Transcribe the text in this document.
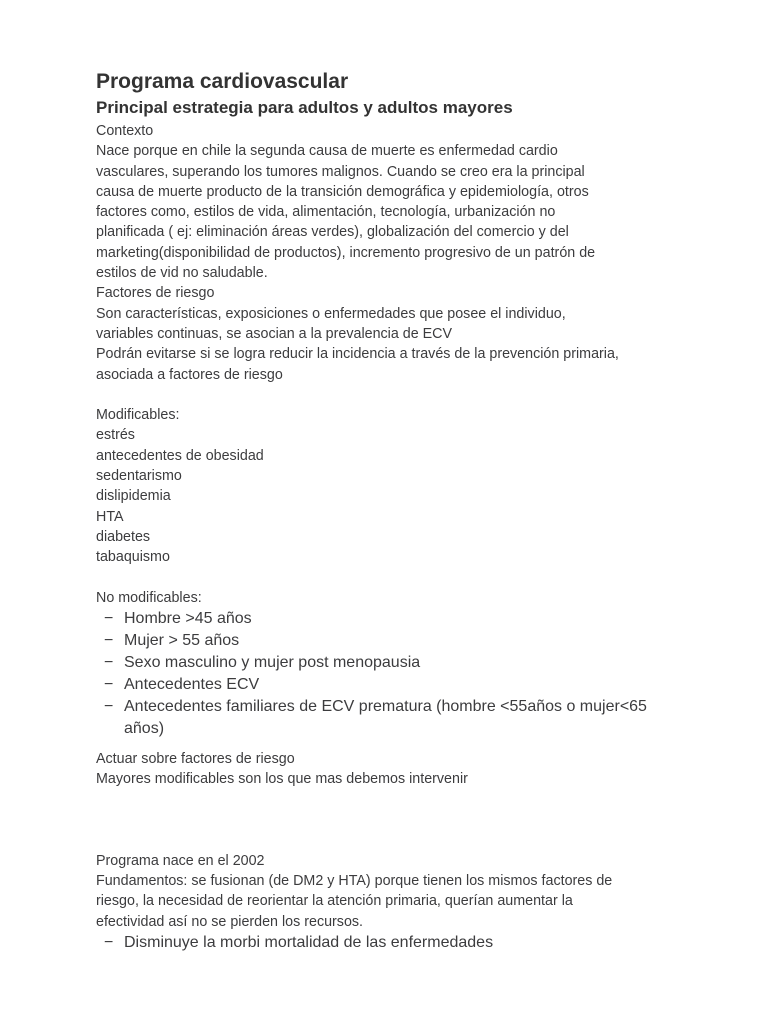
Programa cardiovascular
Principal estrategia para adultos y adultos mayores

Contexto

Nace porque en chile la segunda causa de muerte es enfermedad cardio
vasculares, superando los tumores malignos. Cuando se creo era la principal
causa de muerte producto de la transición demográfica y epidemiología, otros
factores como, estilos de vida, alimentación, tecnología, urbanización no
planificada ( ej: eliminación áreas verdes), globalización del comercio y del
marketing(disponibilidad de productos), incremento progresivo de un patrón de
estilos de vid no saludable.

Factores de riesgo

Son características, exposiciones o enfermedades que posee el individuo,
variables continuas, se asocian a la prevalencia de ECV
Podrán evitarse si se logra reducir la incidencia a través de la prevención primaria,
asociada a factores de riesgo

Modificables:

estrés

antecedentes de obesidad

sedentarismo

dislipidemia

HTA

diabetes

tabaquismo

No modificables:

− Hombre >45 años
− Mujer > 55 años
− Sexo masculino y mujer post menopausia
− Antecedentes ECV
− Antecedentes familiares de ECV prematura (hombre <55años o mujer<65
años)

Actuar sobre factores de riesgo

Mayores modificables son los que mas debemos intervenir

Programa nace en el 2002

Fundamentos: se fusionan (de DM2 y HTA) porque tienen los mismos factores de
riesgo, la necesidad de reorientar la atención primaria, querían aumentar la
efectividad así no se pierden los recursos.

− Disminuye la morbi mortalidad de las enfermedades
